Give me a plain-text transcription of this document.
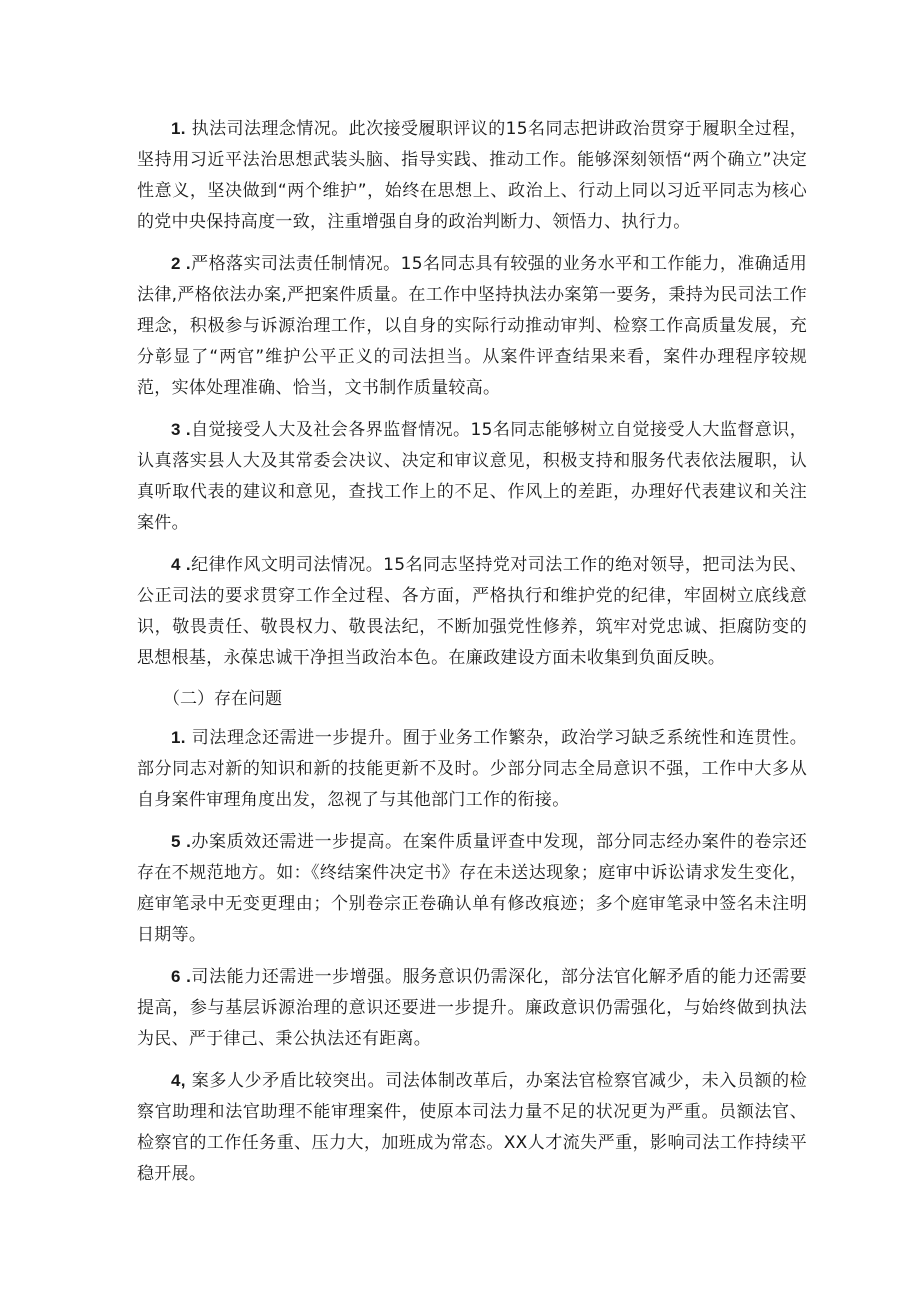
1. 执法司法理念情况。此次接受履职评议的15名同志把讲政治贯穿于履职全过程，坚持用习近平法治思想武装头脑、指导实践、推动工作。能够深刻领悟“两个确立”决定性意义，坚决做到“两个维护”，始终在思想上、政治上、行动上同以习近平同志为核心的党中央保持高度一致，注重增强自身的政治判断力、领悟力、执行力。

2 .严格落实司法责任制情况。15名同志具有较强的业务水平和工作能力，准确适用法律,严格依法办案,严把案件质量。在工作中坚持执法办案第一要务，秉持为民司法工作理念，积极参与诉源治理工作，以自身的实际行动推动审判、检察工作高质量发展，充分彰显了“两官”维护公平正义的司法担当。从案件评查结果来看，案件办理程序较规范，实体处理准确、恰当，文书制作质量较高。

3 .自觉接受人大及社会各界监督情况。15名同志能够树立自觉接受人大监督意识，认真落实县人大及其常委会决议、决定和审议意见，积极支持和服务代表依法履职，认真听取代表的建议和意见，查找工作上的不足、作风上的差距，办理好代表建议和关注案件。

4 .纪律作风文明司法情况。15名同志坚持党对司法工作的绝对领导，把司法为民、公正司法的要求贯穿工作全过程、各方面，严格执行和维护党的纪律，牢固树立底线意识，敬畏责任、敬畏权力、敬畏法纪，不断加强党性修养，筑牢对党忠诚、拒腐防变的思想根基，永葆忠诚干净担当政治本色。在廉政建设方面未收集到负面反映。

（二）存在问题

1. 司法理念还需进一步提升。囿于业务工作繁杂，政治学习缺乏系统性和连贯性。部分同志对新的知识和新的技能更新不及时。少部分同志全局意识不强，工作中大多从自身案件审理角度出发，忽视了与其他部门工作的衔接。

5 .办案质效还需进一步提高。在案件质量评查中发现，部分同志经办案件的卷宗还存在不规范地方。如：《终结案件决定书》存在未送达现象；庭审中诉讼请求发生变化，庭审笔录中无变更理由；个别卷宗正卷确认单有修改痕迹；多个庭审笔录中签名未注明日期等。

6 .司法能力还需进一步增强。服务意识仍需深化，部分法官化解矛盾的能力还需要提高，参与基层诉源治理的意识还要进一步提升。廉政意识仍需强化，与始终做到执法为民、严于律己、秉公执法还有距离。

4, 案多人少矛盾比较突出。司法体制改革后，办案法官检察官减少，未入员额的检察官助理和法官助理不能审理案件，使原本司法力量不足的状况更为严重。员额法官、检察官的工作任务重、压力大，加班成为常态。XX人才流失严重，影响司法工作持续平稳开展。
